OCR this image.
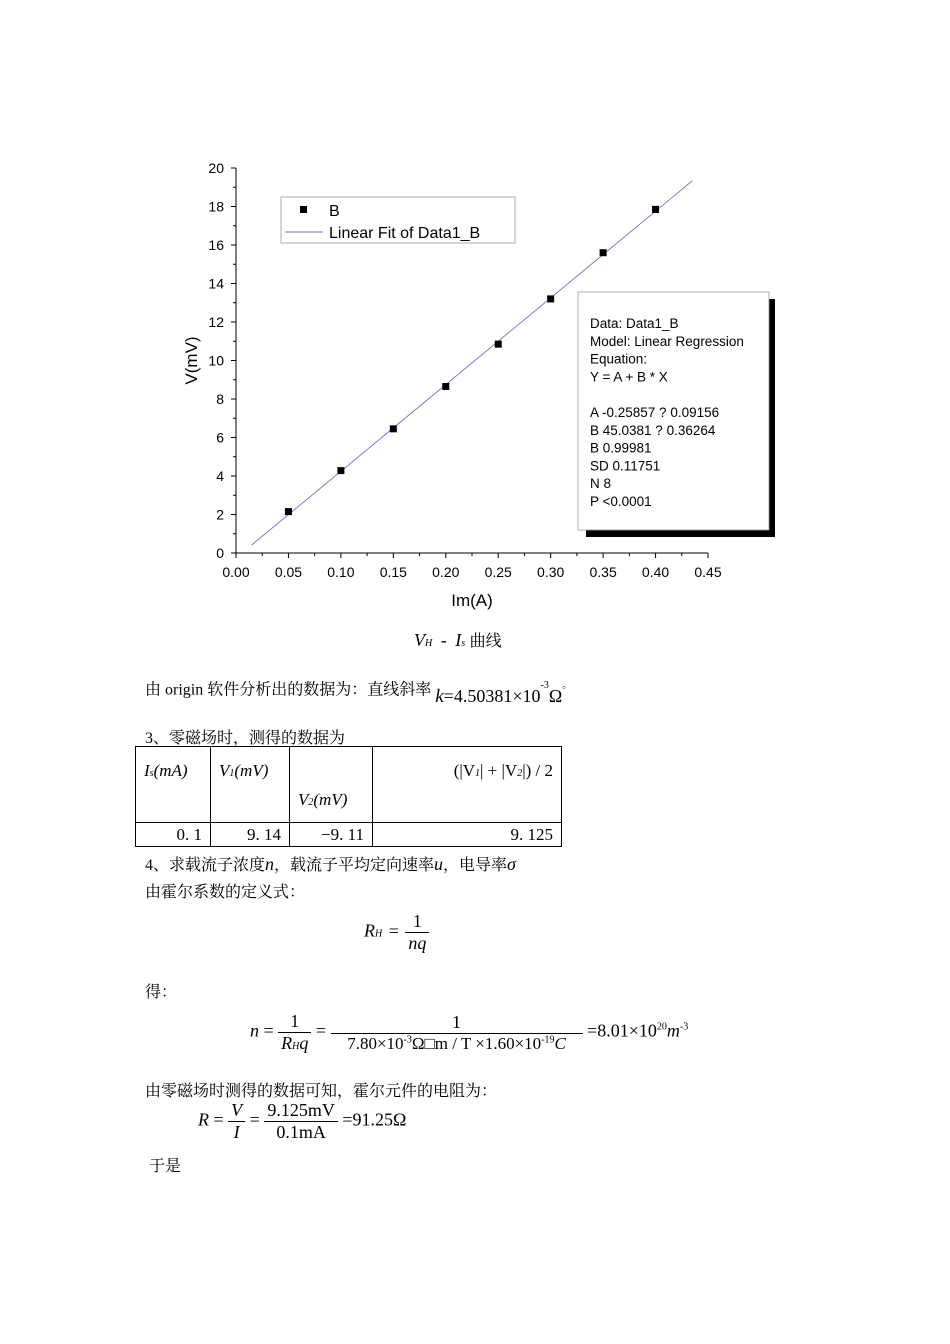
0.00 0.05 0.10 0.15 0.20 0.25 0.30 0.35 0.40 0.45
0
2
4
6
8
10
12
14
16
18
20
Im(A)
V(mV)
B
Linear Fit of Data1_B
Data: Data1_B
Model: Linear Regression
Equation:
Y = A + B * X
A -0.25857 ? 0.09156
B 45.0381 ? 0.36264
B 0.99981
SD 0.11751
N 8
P <0.0001
VH - Is 曲线
由 origin 软件分析出的数据为：直线斜率 $k=4.50381\times 10^{-3}\Omega^。$
3、零磁场时，测得的数据为
Is(mA)	V1(mV)	V2(mV)	(|V1| + |V2|) / 2
0. 1	9. 14	−9. 11	9. 125
4、求载流子浓度n，载流子平均定向速率u，电导率σ
由霍尔系数的定义式：
RH = $\frac{1}{nq}$
得：
$n = \frac{1}{\text{RHq}} = \frac{1}{7.80\times 10^{-3}\Omega□m / T \times 1.60\times 10^{-19}C} =8.01\times 10^{20}m^{-3}$
由零磁场时测得的数据可知，霍尔元件的电阻为：
$R = \frac{V}{I} = \frac{9.125mV}{0.1mA} =91.25\Omega$
于是
